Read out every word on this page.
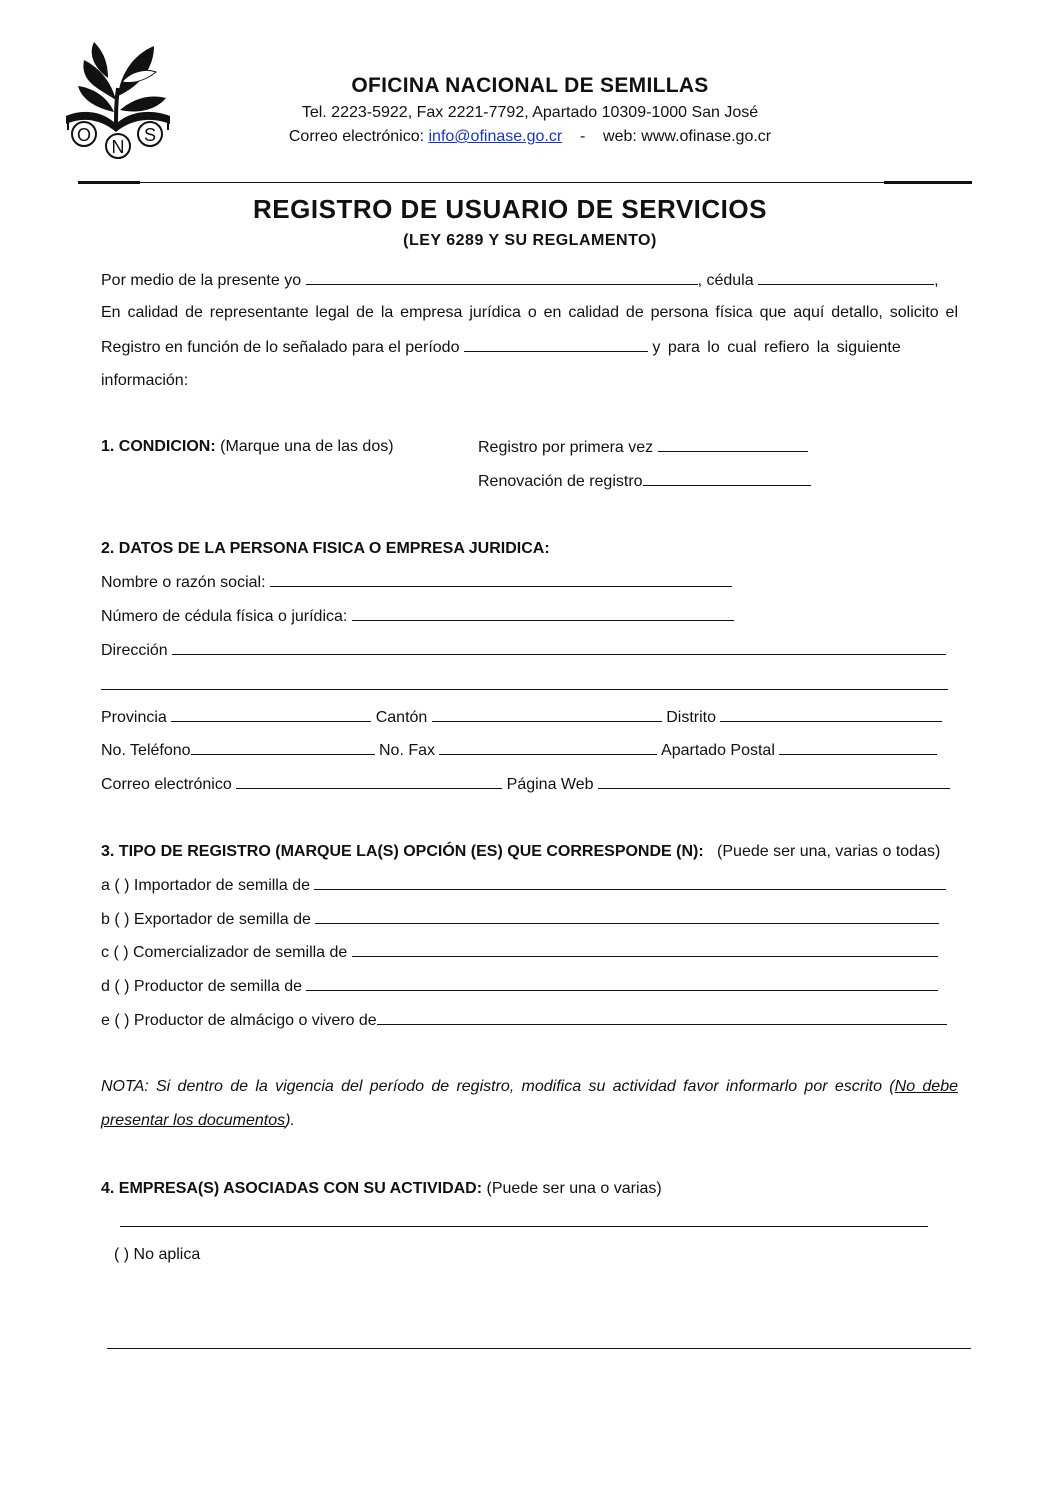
O
N
S
OFICINA NACIONAL DE SEMILLAS
Tel. 2223-5922, Fax 2221-7792, Apartado 10309-1000 San José
Correo electrónico: info@ofinase.go.cr - web: www.ofinase.go.cr
REGISTRO DE USUARIO DE SERVICIOS
(LEY 6289 Y SU REGLAMENTO)
Por medio de la presente yo	, cédula	,
En calidad de representante legal de la empresa jurídica o en calidad de persona física que aquí detallo, solicito el
Registro en función de lo señalado para el período	y para lo cual refiero la siguiente
información:
1. CONDICION: (Marque una de las dos)	Registro por primera vez
Renovación de registro
2. DATOS DE LA PERSONA FISICA O EMPRESA JURIDICA:
Nombre o razón social:
Número de cédula física o jurídica:
Dirección
Provincia	Cantón	Distrito
No. Teléfono	No. Fax	Apartado Postal
Correo electrónico	Página Web
3. TIPO DE REGISTRO (MARQUE LA(S) OPCIÓN (ES) QUE CORRESPONDE (N): (Puede ser una, varias o todas)
a ( ) Importador de semilla de
b ( ) Exportador de semilla de
c ( ) Comercializador de semilla de
d ( ) Productor de semilla de
e ( ) Productor de almácigo o vivero de
NOTA: Si dentro de la vigencia del período de registro, modifica su actividad favor informarlo por escrito (No debe
presentar los documentos).
4. EMPRESA(S) ASOCIADAS CON SU ACTIVIDAD: (Puede ser una o varias)
( ) No aplica
